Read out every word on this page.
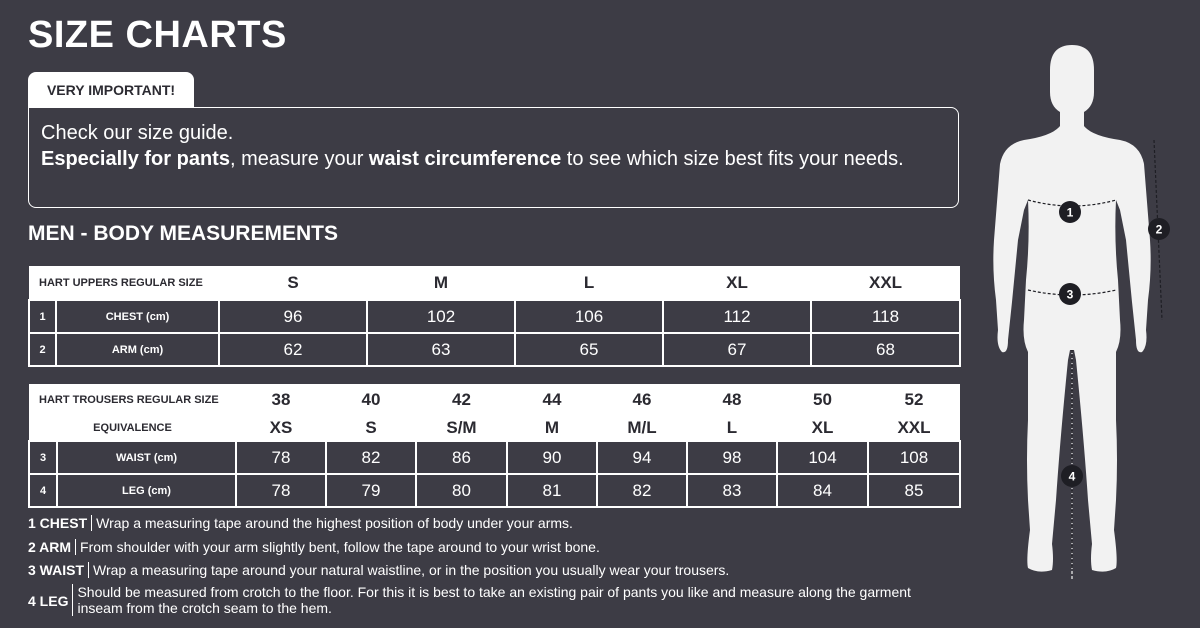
SIZE CHARTS
VERY IMPORTANT!
Check our size guide.
Especially for pants, measure your waist circumference to see which size best fits your needs.
MEN - BODY MEASUREMENTS
HART UPPERS REGULAR SIZE		S	M	L	XL	XXL
1	CHEST (cm)	96	102	106	112	118
2	ARM (cm)	62	63	65	67	68
HART TROUSERS REGULAR SIZE		38	40	42	44	46	48	50	52
EQUIVALENCE		XS	S	S/M	M	M/L	L	XL	XXL
3	WAIST (cm)	78	82	86	90	94	98	104	108
4	LEG (cm)	78	79	80	81	82	83	84	85
1 CHEST Wrap a measuring tape around the highest position of body under your arms.
2 ARM From shoulder with your arm slightly bent, follow the tape around to your wrist bone.
3 WAIST Wrap a measuring tape around your natural waistline, or in the position you usually wear your trousers.
4 LEG
Should be measured from crotch to the floor. For this it is best to take an existing pair of pants you like and measure along the garment inseam from the crotch seam to the hem.
1
2
3
4
